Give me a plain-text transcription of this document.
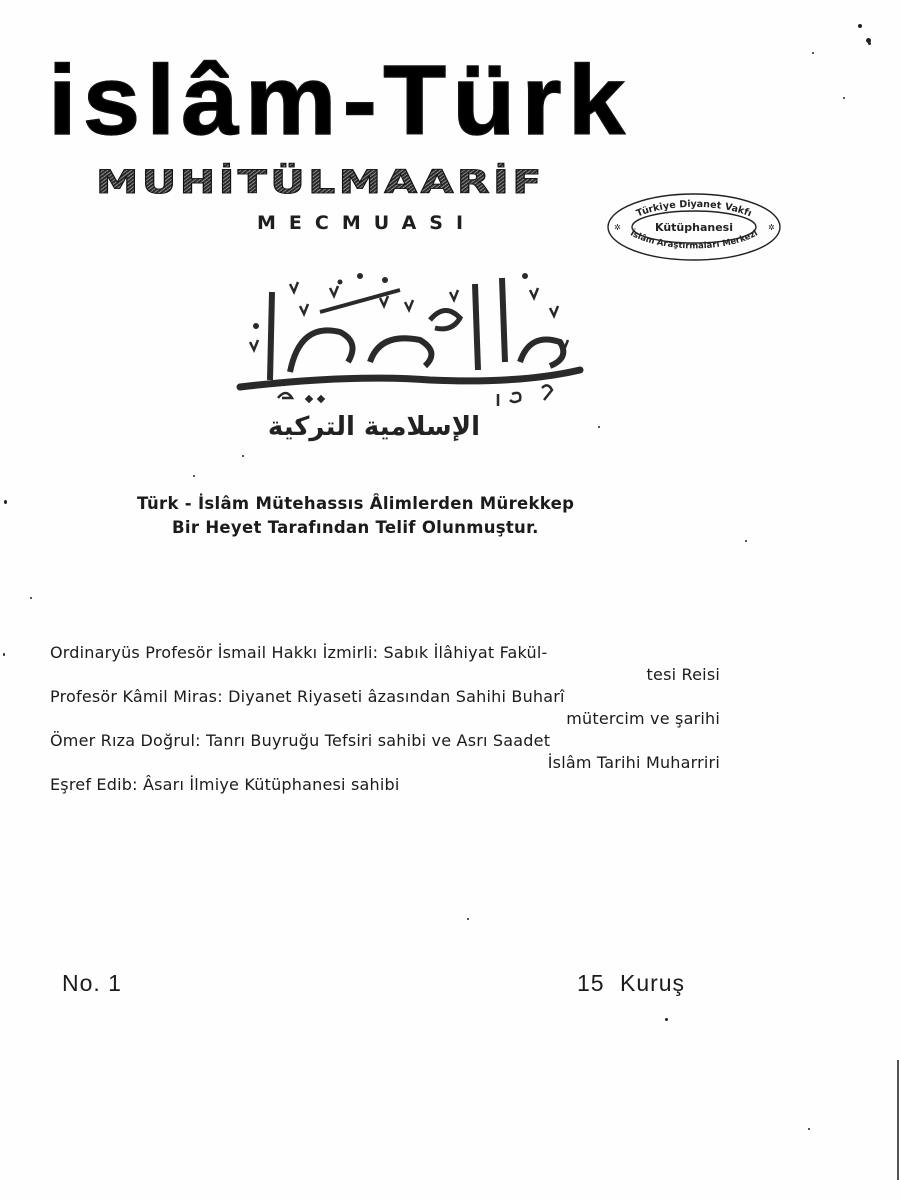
islâm-Türk
MUHİTÜLMAARİF
MECMUASI	Türkiye Diyanet Vakfı
İslâm Araştırmaları Merkezi
Kütüphanesi
✲	✲
الإسلامية التركية
Türk - İslâm Mütehassıs Âlimlerden Mürekkep
Bir Heyet Tarafından Telif Olunmuştur.
Ordinaryüs Profesör İsmail Hakkı İzmirli: Sabık İlâhiyat Fakül-
tesi Reisi
Profesör Kâmil Miras: Diyanet Riyaseti âzasından Sahihi Buharî
mütercim ve şarihi
Ömer Rıza Doğrul: Tanrı Buyruğu Tefsiri sahibi ve Asrı Saadet
İslâm Tarihi Muharriri
Eşref Edib: Âsarı İlmiye Kütüphanesi sahibi
No. 1	15 Kuruş
